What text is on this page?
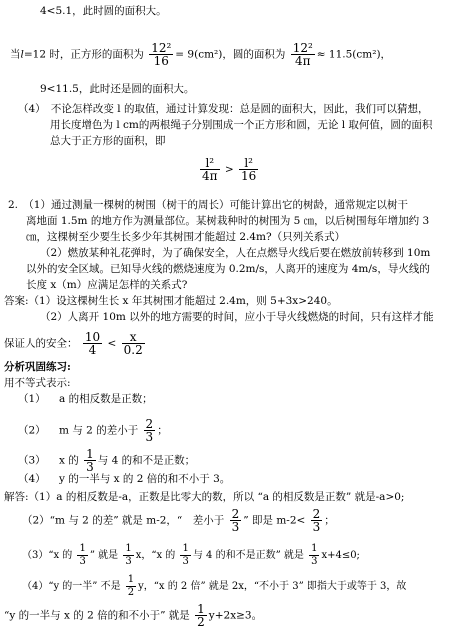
4<5.1，此时圆的面积大。
当l=12 时，正方形的面积为 $\frac{\text{12²}}{16} = 9(cm^2)$，圆的面积为 $\frac{\text{12²}}{4\pi} \approx 11.5(cm^2)$，
9<11.5，此时还是圆的面积大。
（4）　不论怎样改变 l 的取值，通过计算发现：总是圆的面积大，因此，我们可以猜想，
用长度增色为 l cm的两根绳子分别围成一个正方形和圆，无论 l 取何值，圆的面积
总大于正方形的面积，即
$\frac{\text{l²}}{4\pi} > \frac{\text{l²}}{16}$
2.　（1）通过测量一棵树的树围（树干的周长）可能计算出它的树龄，通常规定以树干
离地面 1.5m 的地方作为测量部位。某树栽种时的树围为 5 ㎝，以后树围每年增加约 3
㎝，这棵树至少要生长多少年其树围才能超过 2.4m?（只列关系式）
（2）燃放某种礼花弹时，为了确保安全，人在点燃导火线后要在燃放前转移到 10m
以外的安全区域。已知导火线的燃烧速度为 0.2m/s，人离开的速度为 4m/s，导火线的
长度 x（m）应满足怎样的关系式?
答案:（1）设这棵树生长 x 年其树围才能超过 2.4m，则 5+3x>240。
（2）人离开 10m 以外的地方需要的时间，应小于导火线燃烧的时间，只有这样才能
保证人的安全： $\frac{10}{4} < \frac{x}{0.2}$
分析巩固练习:
用不等式表示:
（1） a 的相反数是正数；
（2） m 与 2 的差小于 $\frac{2}{3}$ ；
（3） x 的 $\frac{1}{3}$ 与 4 的和不是正数；
（4） y 的一半与 x 的 2 倍的和不小于 3。
解答:（1）a 的相反数是-a，正数是比零大的数，所以 “a 的相反数是正数” 就是-a>0;
（2）“m 与 2 的差” 就是 m-2，“　差小于 $\frac{2}{3}$ ” 即是 $m-2< \frac{2}{3}$ ；
（3）“x 的 $\frac{1}{3}$ ” 就是 $\frac{1}{3}$ x，“x 的 $\frac{1}{3}$ 与 4 的和不是正数” 就是 $\frac{1}{3} x+4\le 0$;
（4）“y 的一半” 不是 $\frac{1}{2}$ y，“x 的 2 倍” 就是 2x，“不小于 3” 即指大于或等于 3，故
“y 的一半与 x 的 2 倍的和不小于” 就是 $\frac{1}{2} y+2x\ge 3$。
